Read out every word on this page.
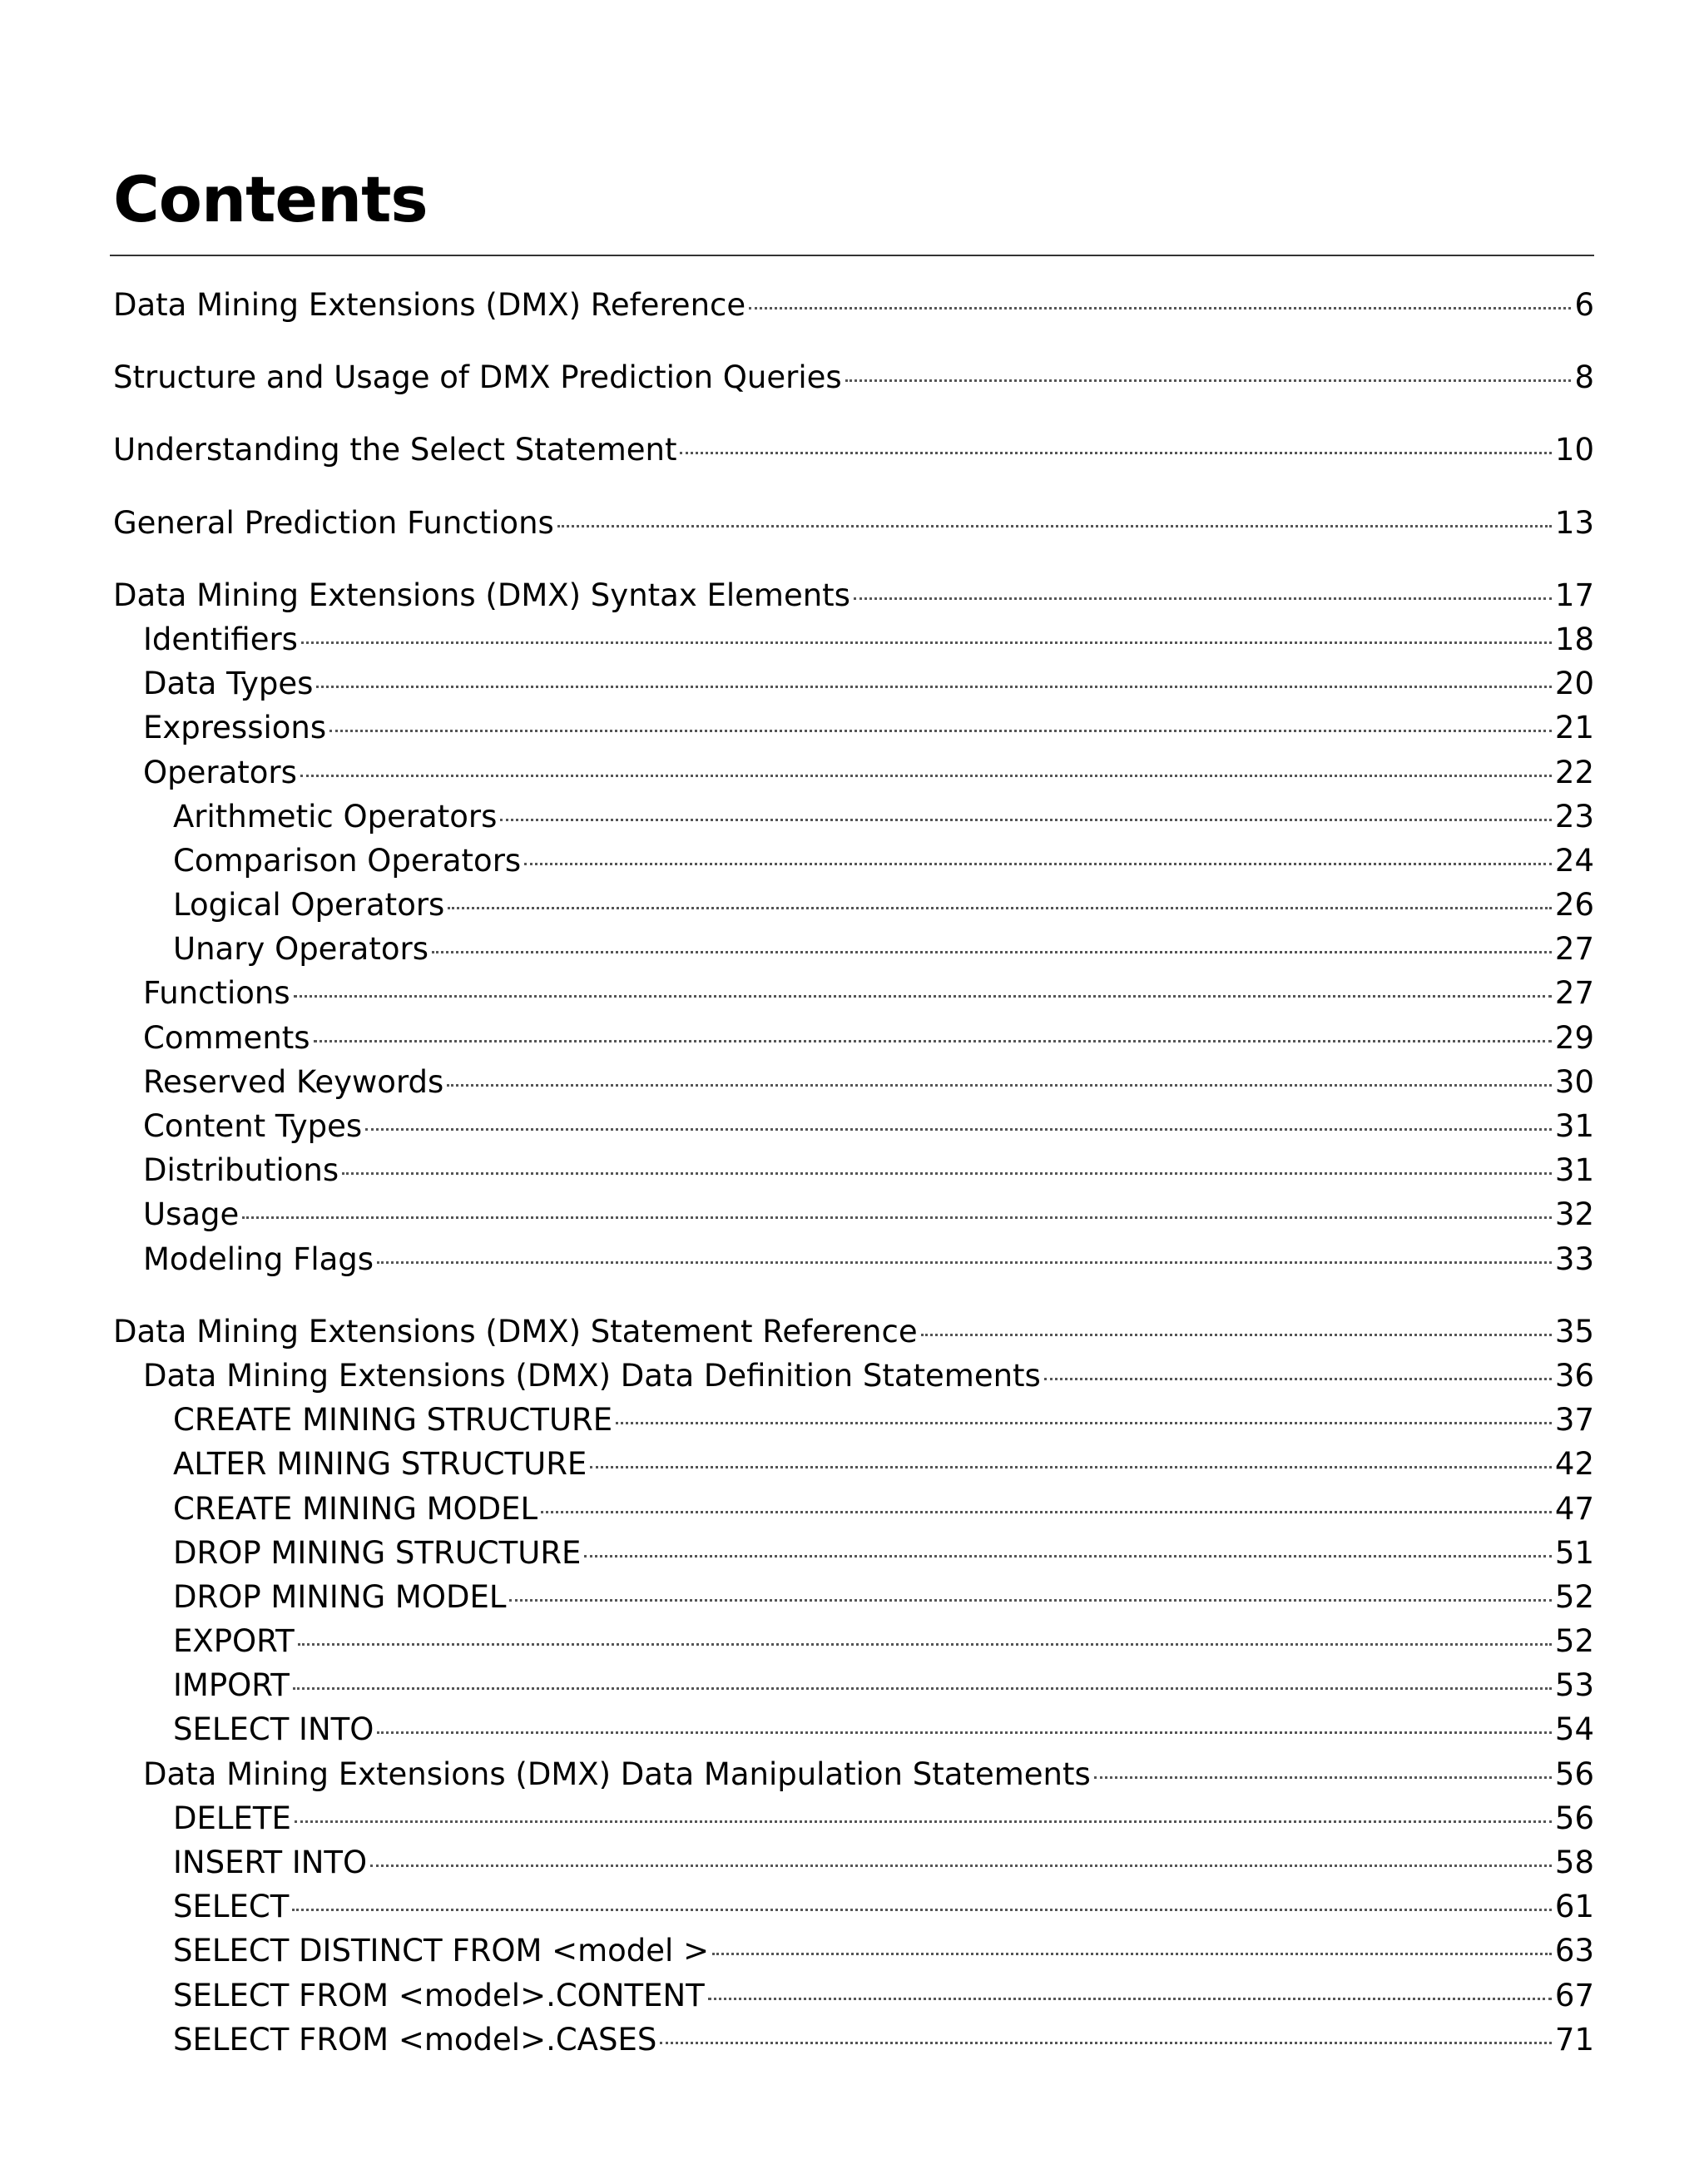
Contents
Data Mining Extensions (DMX) Reference	6
Structure and Usage of DMX Prediction Queries	8
Understanding the Select Statement	10
General Prediction Functions	13
Data Mining Extensions (DMX) Syntax Elements	17
Identifiers	18
Data Types	20
Expressions	21
Operators	22
Arithmetic Operators	23
Comparison Operators	24
Logical Operators	26
Unary Operators	27
Functions	27
Comments	29
Reserved Keywords	30
Content Types	31
Distributions	31
Usage	32
Modeling Flags	33
Data Mining Extensions (DMX) Statement Reference	35
Data Mining Extensions (DMX) Data Definition Statements	36
CREATE MINING STRUCTURE	37
ALTER MINING STRUCTURE	42
CREATE MINING MODEL	47
DROP MINING STRUCTURE	51
DROP MINING MODEL	52
EXPORT	52
IMPORT	53
SELECT INTO	54
Data Mining Extensions (DMX) Data Manipulation Statements	56
DELETE	56
INSERT INTO	58
SELECT	61
SELECT DISTINCT FROM <model >	63
SELECT FROM <model>.CONTENT	67
SELECT FROM <model>.CASES	71
